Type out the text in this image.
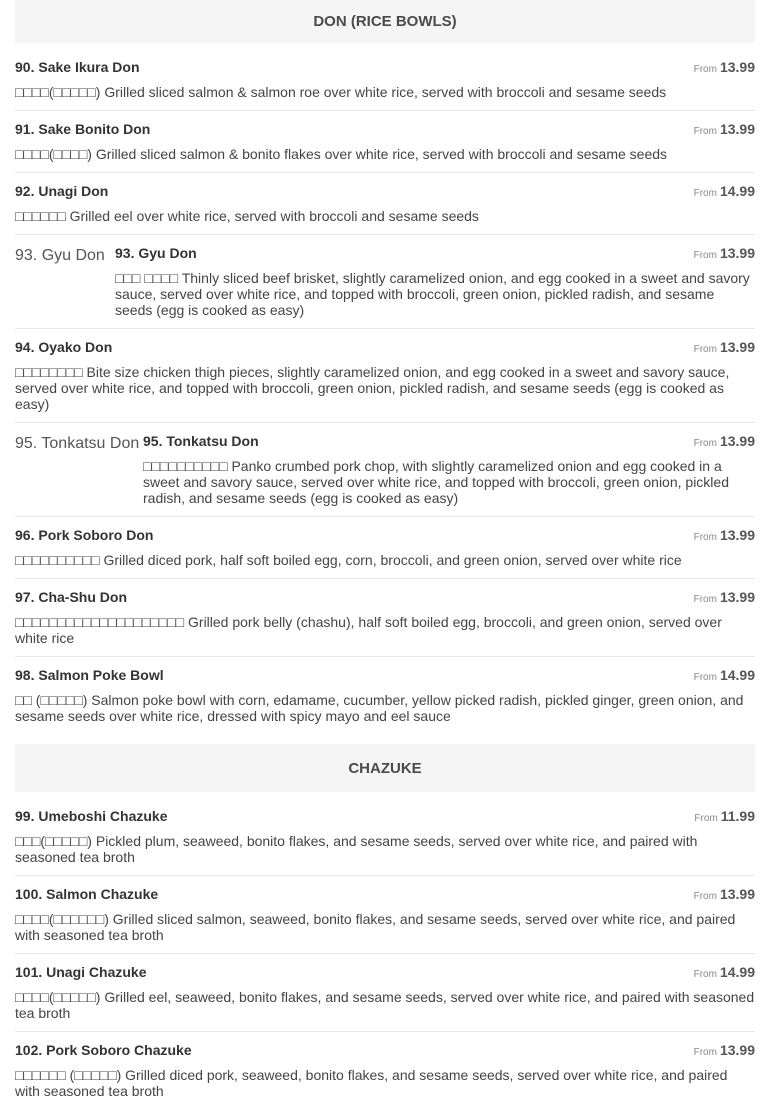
DON (RICE BOWLS)
90. Sake Ikura Don	From 13.99
□□□□(□□□□□) Grilled sliced salmon & salmon roe over white rice, served with broccoli and sesame seeds
91. Sake Bonito Don	From 13.99
□□□□(□□□□) Grilled sliced salmon & bonito flakes over white rice, served with broccoli and sesame seeds
92. Unagi Don	From 14.99
□□□□□□ Grilled eel over white rice, served with broccoli and sesame seeds
93. Gyu Don 93. Gyu Don	From 13.99
□□□ □□□□ Thinly sliced beef brisket, slightly caramelized onion, and egg cooked in a sweet and savory sauce, served over white rice, and topped with broccoli, green onion, pickled radish, and sesame seeds (egg is cooked as easy)
94. Oyako Don	From 13.99
□□□□□□□□ Bite size chicken thigh pieces, slightly caramelized onion, and egg cooked in a sweet and savory sauce, served over white rice, and topped with broccoli, green onion, pickled radish, and sesame seeds (egg is cooked as easy)
95. Tonkatsu Don 95. Tonkatsu Don	From 13.99
□□□□□□□□□□ Panko crumbed pork chop, with slightly caramelized onion and egg cooked in a sweet and savory sauce, served over white rice, and topped with broccoli, green onion, pickled radish, and sesame seeds (egg is cooked as easy)
96. Pork Soboro Don	From 13.99
□□□□□□□□□□ Grilled diced pork, half soft boiled egg, corn, broccoli, and green onion, served over white rice
97. Cha-Shu Don	From 13.99
□□□□□□□□□□□□□□□□□□□□ Grilled pork belly (chashu), half soft boiled egg, broccoli, and green onion, served over white rice
98. Salmon Poke Bowl	From 14.99
□□ (□□□□□) Salmon poke bowl with corn, edamame, cucumber, yellow picked radish, pickled ginger, green onion, and sesame seeds over white rice, dressed with spicy mayo and eel sauce
CHAZUKE
99. Umeboshi Chazuke	From 11.99
□□□(□□□□□) Pickled plum, seaweed, bonito flakes, and sesame seeds, served over white rice, and paired with seasoned tea broth
100. Salmon Chazuke	From 13.99
□□□□(□□□□□□) Grilled sliced salmon, seaweed, bonito flakes, and sesame seeds, served over white rice, and paired with seasoned tea broth
101. Unagi Chazuke	From 14.99
□□□□(□□□□□) Grilled eel, seaweed, bonito flakes, and sesame seeds, served over white rice, and paired with seasoned tea broth
102. Pork Soboro Chazuke	From 13.99
□□□□□□ (□□□□□) Grilled diced pork, seaweed, bonito flakes, and sesame seeds, served over white rice, and paired with seasoned tea broth
